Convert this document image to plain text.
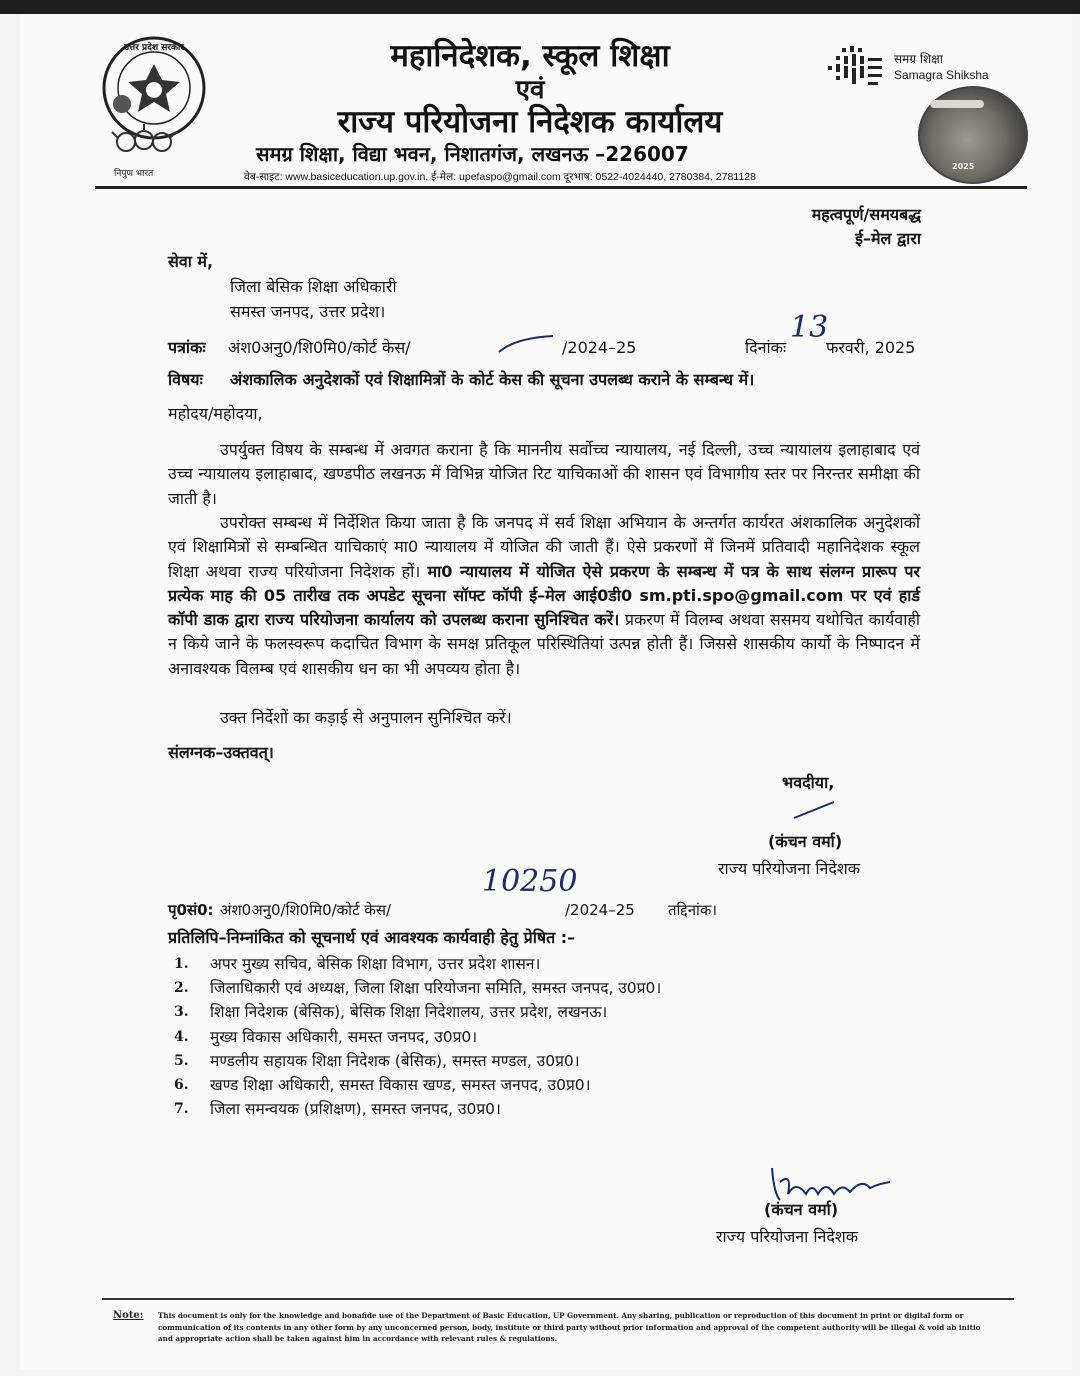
उत्तर प्रदेश सरकार
निपुण भारत
महानिदेशक, स्कूल शिक्षा
एवं
राज्य परियोजना निदेशक कार्यालय
समग्र शिक्षा, विद्या भवन, निशातगंज, लखनऊ –226007
वेब-साइट: www.basiceducation.up.gov.in, ई-मेल: upefaspo@gmail.com दूरभाष: 0522-4024440, 2780384, 2781128
समग्र शिक्षा
Samagra Shiksha
2025
महत्वपूर्ण/समयबद्ध
ई–मेल द्वारा
सेवा में,
जिला बेसिक शिक्षा अधिकारी
समस्त जनपद, उत्तर प्रदेश।
पत्रांकः अंश0अनु0/शि0मि0/कोर्ट केस/	/2024–25	दिनांकः
13
फरवरी, 2025
विषयः अंशकालिक अनुदेशकों एवं शिक्षामित्रों के कोर्ट केस की सूचना उपलब्ध कराने के सम्बन्ध में।
महोदय/महोदया,
उपर्युक्त विषय के सम्बन्ध में अवगत कराना है कि माननीय सर्वोच्च न्यायालय, नई दिल्ली, उच्च न्यायालय इलाहाबाद एवं उच्च न्यायालय इलाहाबाद, खण्डपीठ लखनऊ में विभिन्न योजित रिट याचिकाओं की शासन एवं विभागीय स्तर पर निरन्तर समीक्षा की जाती है।
उपरोक्त सम्बन्ध में निर्देशित किया जाता है कि जनपद में सर्व शिक्षा अभियान के अन्तर्गत कार्यरत अंशकालिक अनुदेशकों एवं शिक्षामित्रों से सम्बन्धित याचिकाएं मा0 न्यायालय में योजित की जाती हैं। ऐसे प्रकरणों में जिनमें प्रतिवादी महानिदेशक स्कूल शिक्षा अथवा राज्य परियोजना निदेशक हों। मा0 न्यायालय में योजित ऐसे प्रकरण के सम्बन्ध में पत्र के साथ संलग्न प्रारूप पर प्रत्येक माह की 05 तारीख तक अपडेट सूचना सॉफ्ट कॉपी ई–मेल आई0डी0 sm.pti.spo@gmail.com पर एवं हार्ड कॉपी डाक द्वारा राज्य परियोजना कार्यालय को उपलब्ध कराना सुनिश्चित करें। प्रकरण में विलम्ब अथवा ससमय यथोचित कार्यवाही न किये जाने के फलस्वरूप कदाचित विभाग के समक्ष प्रतिकूल परिस्थितियां उत्पन्न होती हैं। जिससे शासकीय कार्यो के निष्पादन में अनावश्यक विलम्ब एवं शासकीय धन का भी अपव्यय होता है।
उक्त निर्देशों का कड़ाई से अनुपालन सुनिश्चित करें।
संलग्नक–उक्तवत्।
भवदीया,
(कंचन वर्मा)
राज्य परियोजना निदेशक
10250
पृ0सं0: अंश0अनु0/शि0मि0/कोर्ट केस/	/2024–25 तद्दिनांक।
प्रतिलिपि–निम्नांकित को सूचनार्थ एवं आवश्यक कार्यवाही हेतु प्रेषित :–
1.	अपर मुख्य सचिव, बेसिक शिक्षा विभाग, उत्तर प्रदेश शासन।
2.	जिलाधिकारी एवं अध्यक्ष, जिला शिक्षा परियोजना समिति, समस्त जनपद, उ0प्र0।
3.	शिक्षा निदेशक (बेसिक), बेसिक शिक्षा निदेशालय, उत्तर प्रदेश, लखनऊ।
4.	मुख्य विकास अधिकारी, समस्त जनपद, उ0प्र0।
5.	मण्डलीय सहायक शिक्षा निदेशक (बेसिक), समस्त मण्डल, उ0प्र0।
6.	खण्ड शिक्षा अधिकारी, समस्त विकास खण्ड, समस्त जनपद, उ0प्र0।
7.	जिला समन्वयक (प्रशिक्षण), समस्त जनपद, उ0प्र0।
(कंचन वर्मा)
राज्य परियोजना निदेशक
Note: This document is only for the knowledge and bonafide use of the Department of Basic Education, UP Government. Any sharing, publication or reproduction of this document in print or digital form or communication of its contents in any other form by any unconcerned person, body, institute or third party without prior information and approval of the competent authority will be illegal & void ab initio and appropriate action shall be taken against him in accordance with relevant rules & regulations.
